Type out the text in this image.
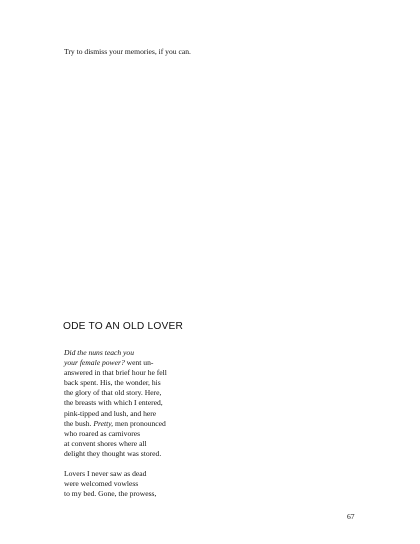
Try to dismiss your memories, if you can.
ODE TO AN OLD LOVER
Did the nuns teach you
your female power? went un-
answered in that brief hour he fell
back spent. His, the wonder, his
the glory of that old story. Here,
the breasts with which I entered,
pink-tipped and lush, and here
the bush. Pretty, men pronounced
who roared as carnivores
at convent shores where all
delight they thought was stored.
Lovers I never saw as dead
were welcomed vowless
to my bed. Gone, the prowess,
67
